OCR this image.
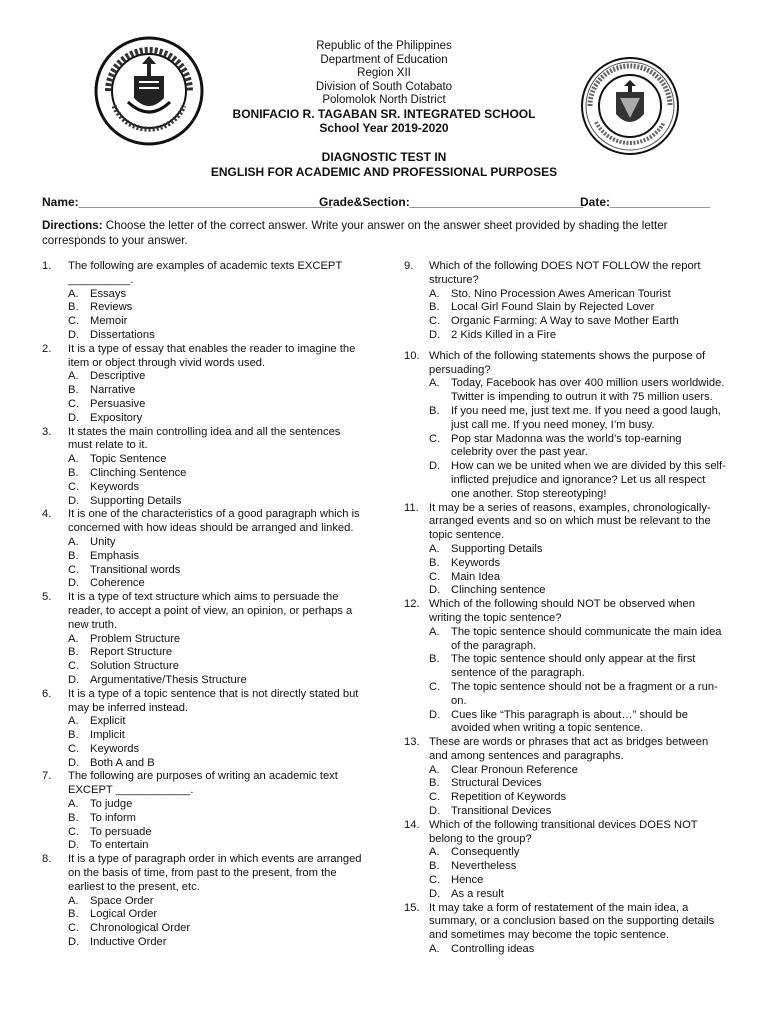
Republic of the Philippines
Department of Education
Region XII
Division of South Cotabato
Polomolok North District
BONIFACIO R. TAGABAN SR. INTEGRATED SCHOOL
School Year 2019-2020
DIAGNOSTIC TEST IN
ENGLISH FOR ACADEMIC AND PROFESSIONAL PURPOSES
Name:______________________________________
Grade&Section:__________________________
Date:_______________
Directions: Choose the letter of the correct answer. Write your answer on the answer sheet provided by shading the letter corresponds to your answer.
1.	The following are examples of academic texts EXCEPT __________.
A.	Essays
B.	Reviews
C. Memoir
D. Dissertations
2.	It is a type of essay that enables the reader to imagine the item or object through vivid words used.
A.	Descriptive
B.	Narrative
C. Persuasive
D. Expository
3.	It states the main controlling idea and all the sentences must relate to it.
A.	Topic Sentence
B.	Clinching Sentence
C. Keywords
D. Supporting Details
4.	It is one of the characteristics of a good paragraph which is concerned with how ideas should be arranged and linked.
A.	Unity
B.	Emphasis
C. Transitional words
D. Coherence
5.	It is a type of text structure which aims to persuade the reader, to accept a point of view, an opinion, or perhaps a new truth.
A.	Problem Structure
B.	Report Structure
C. Solution Structure
D. Argumentative/Thesis Structure
6.	It is a type of a topic sentence that is not directly stated but may be inferred instead.
A.	Explicit
B.	Implicit
C. Keywords
D. Both A and B
7.	The following are purposes of writing an academic text EXCEPT ____________.
A.	To judge
B.	To inform
C. To persuade
D. To entertain
8.	It is a type of paragraph order in which events are arranged on the basis of time, from past to the present, from the earliest to the present, etc.
A.	Space Order
B.	Logical Order
C. Chronological Order
D. Inductive Order
9.	Which of the following DOES NOT FOLLOW the report structure?
A.	Sto. Nino Procession Awes American Tourist
B.	Local Girl Found Slain by Rejected Lover
C. Organic Farming: A Way to save Mother Earth
D. 2 Kids Killed in a Fire
10. Which of the following statements shows the purpose of persuading?
A.	Today, Facebook has over 400 million users worldwide. Twitter is impending to outrun it with 75 million users.
B.	If you need me, just text me. If you need a good laugh, just call me. If you need money, I’m busy.
C. Pop star Madonna was the world’s top-earning celebrity over the past year.
D. How can we be united when we are divided by this self-inflicted prejudice and ignorance? Let us all respect one another. Stop stereotyping!
11. It may be a series of reasons, examples, chronologically-arranged events and so on which must be relevant to the topic sentence.
A.	Supporting Details
B.	Keywords
C. Main Idea
D. Clinching sentence
12. Which of the following should NOT be observed when writing the topic sentence?
A.	The topic sentence should communicate the main idea of the paragraph.
B.	The topic sentence should only appear at the first sentence of the paragraph.
C. The topic sentence should not be a fragment or a run-on.
D. Cues like “This paragraph is about…” should be avoided when writing a topic sentence.
13. These are words or phrases that act as bridges between and among sentences and paragraphs.
A.	Clear Pronoun Reference
B.	Structural Devices
C. Repetition of Keywords
D. Transitional Devices
14. Which of the following transitional devices DOES NOT belong to the group?
A.	Consequently
B.	Nevertheless
C. Hence
D. As a result
15. It may take a form of restatement of the main idea, a summary, or a conclusion based on the supporting details and sometimes may become the topic sentence.
A.	Controlling ideas
